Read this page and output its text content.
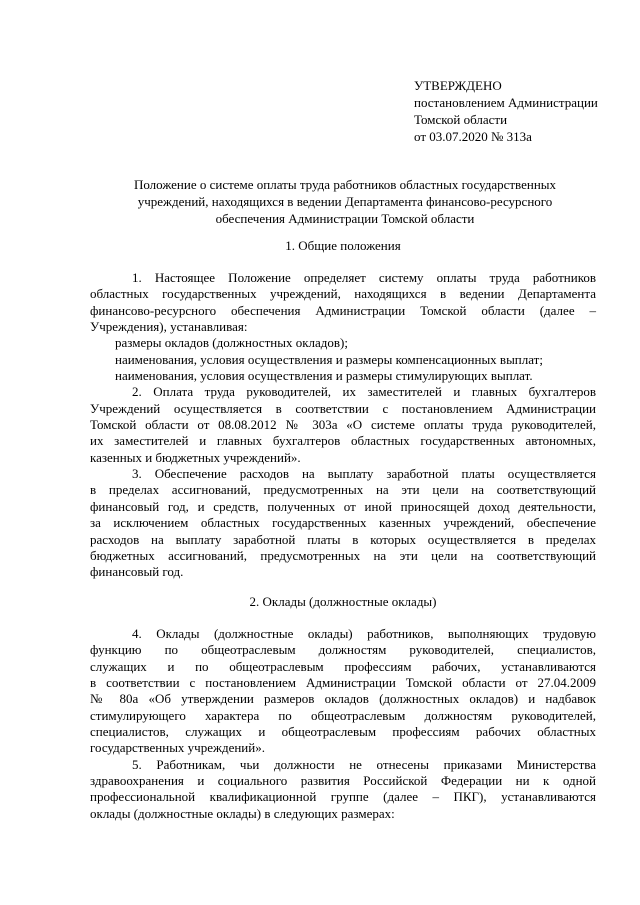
УТВЕРЖДЕНО
постановлением Администрации
Томской области
от 03.07.2020 № 313а
Положение о системе оплаты труда работников областных государственных
учреждений, находящихся в ведении Департамента финансово-ресурсного
обеспечения Администрации Томской области
1. Общие положения
1. Настоящее Положение определяет систему оплаты труда работников
областных государственных учреждений, находящихся в ведении Департамента
финансово-ресурсного обеспечения Администрации Томской области (далее –
Учреждения), устанавливая:
размеры окладов (должностных окладов);
наименования, условия осуществления и размеры компенсационных выплат;
наименования, условия осуществления и размеры стимулирующих выплат.
2. Оплата труда руководителей, их заместителей и главных бухгалтеров
Учреждений осуществляется в соответствии с постановлением Администрации
Томской области от 08.08.2012 № 303а «О системе оплаты труда руководителей,
их заместителей и главных бухгалтеров областных государственных автономных,
казенных и бюджетных учреждений».
3. Обеспечение расходов на выплату заработной платы осуществляется
в пределах ассигнований, предусмотренных на эти цели на соответствующий
финансовый год, и средств, полученных от иной приносящей доход деятельности,
за исключением областных государственных казенных учреждений, обеспечение
расходов на выплату заработной платы в которых осуществляется в пределах
бюджетных ассигнований, предусмотренных на эти цели на соответствующий
финансовый год.
2. Оклады (должностные оклады)
4. Оклады (должностные оклады) работников, выполняющих трудовую
функцию по общеотраслевым должностям руководителей, специалистов,
служащих и по общеотраслевым профессиям рабочих, устанавливаются
в соответствии с постановлением Администрации Томской области от 27.04.2009
№ 80а «Об утверждении размеров окладов (должностных окладов) и надбавок
стимулирующего характера по общеотраслевым должностям руководителей,
специалистов, служащих и общеотраслевым профессиям рабочих областных
государственных учреждений».
5. Работникам, чьи должности не отнесены приказами Министерства
здравоохранения и социального развития Российской Федерации ни к одной
профессиональной квалификационной группе (далее – ПКГ), устанавливаются
оклады (должностные оклады) в следующих размерах:
